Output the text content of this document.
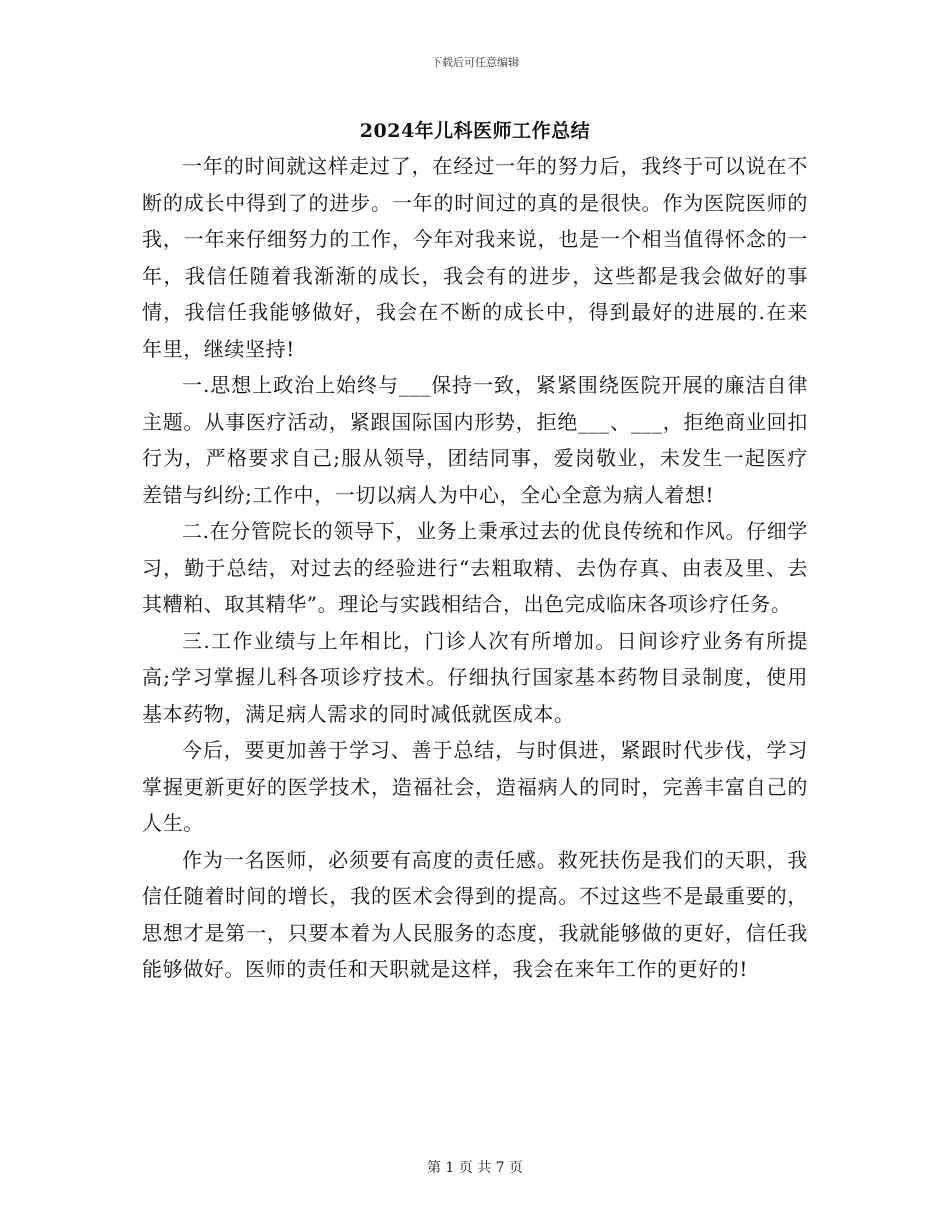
下载后可任意编辑
2024年儿科医师工作总结

一年的时间就这样走过了，在经过一年的努力后，我终于可以说在不断的成长中得到了的进步。一年的时间过的真的是很快。作为医院医师的我，一年来仔细努力的工作，今年对我来说，也是一个相当值得怀念的一年，我信任随着我渐渐的成长，我会有的进步，这些都是我会做好的事情，我信任我能够做好，我会在不断的成长中，得到最好的进展的.在来年里，继续坚持!

一.思想上政治上始终与___保持一致，紧紧围绕医院开展的廉洁自律主题。从事医疗活动，紧跟国际国内形势，拒绝___、___，拒绝商业回扣行为，严格要求自己;服从领导，团结同事，爱岗敬业，未发生一起医疗差错与纠纷;工作中，一切以病人为中心，全心全意为病人着想!

二.在分管院长的领导下，业务上秉承过去的优良传统和作风。仔细学习，勤于总结，对过去的经验进行“去粗取精、去伪存真、由表及里、去其糟粕、取其精华”。理论与实践相结合，出色完成临床各项诊疗任务。

三.工作业绩与上年相比，门诊人次有所增加。日间诊疗业务有所提高;学习掌握儿科各项诊疗技术。仔细执行国家基本药物目录制度，使用基本药物，满足病人需求的同时减低就医成本。

今后，要更加善于学习、善于总结，与时俱进，紧跟时代步伐，学习掌握更新更好的医学技术，造福社会，造福病人的同时，完善丰富自己的人生。

作为一名医师，必须要有高度的责任感。救死扶伤是我们的天职，我信任随着时间的增长，我的医术会得到的提高。不过这些不是最重要的，思想才是第一，只要本着为人民服务的态度，我就能够做的更好，信任我能够做好。医师的责任和天职就是这样，我会在来年工作的更好的!

第 1 页 共 7 页
